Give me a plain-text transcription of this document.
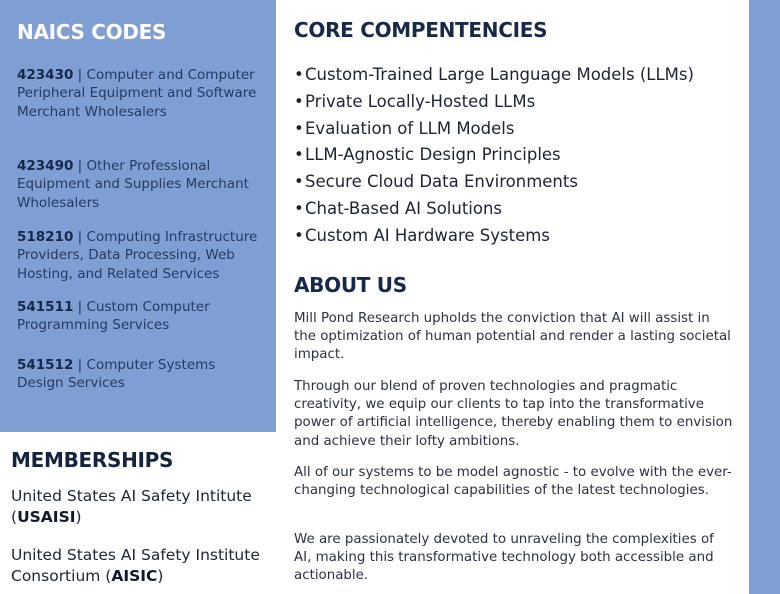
NAICS CODES
423430 | Computer and Computer Peripheral Equipment and Software Merchant Wholesalers
423490 | Other Professional Equipment and Supplies Merchant Wholesalers
518210 | Computing Infrastructure Providers, Data Processing, Web Hosting, and Related Services
541511 | Custom Computer Programming Services
541512 | Computer Systems Design Services
MEMBERSHIPS
United States AI Safety Intitute (USAISI)
United States AI Safety Institute Consortium (AISIC)
CORE COMPENTENCIES
•Custom-Trained Large Language Models (LLMs)
•Private Locally-Hosted LLMs
•Evaluation of LLM Models
•LLM-Agnostic Design Principles
•Secure Cloud Data Environments
•Chat-Based AI Solutions
•Custom AI Hardware Systems
ABOUT US

Mill Pond Research upholds the conviction that AI will assist in the optimization of human potential and render a lasting societal impact.

Through our blend of proven technologies and pragmatic creativity, we equip our clients to tap into the transformative power of artificial intelligence, thereby enabling them to envision and achieve their lofty ambitions.

All of our systems to be model agnostic - to evolve with the ever-changing technological capabilities of the latest technologies.

We are passionately devoted to unraveling the complexities of AI, making this transformative technology both accessible and actionable.
